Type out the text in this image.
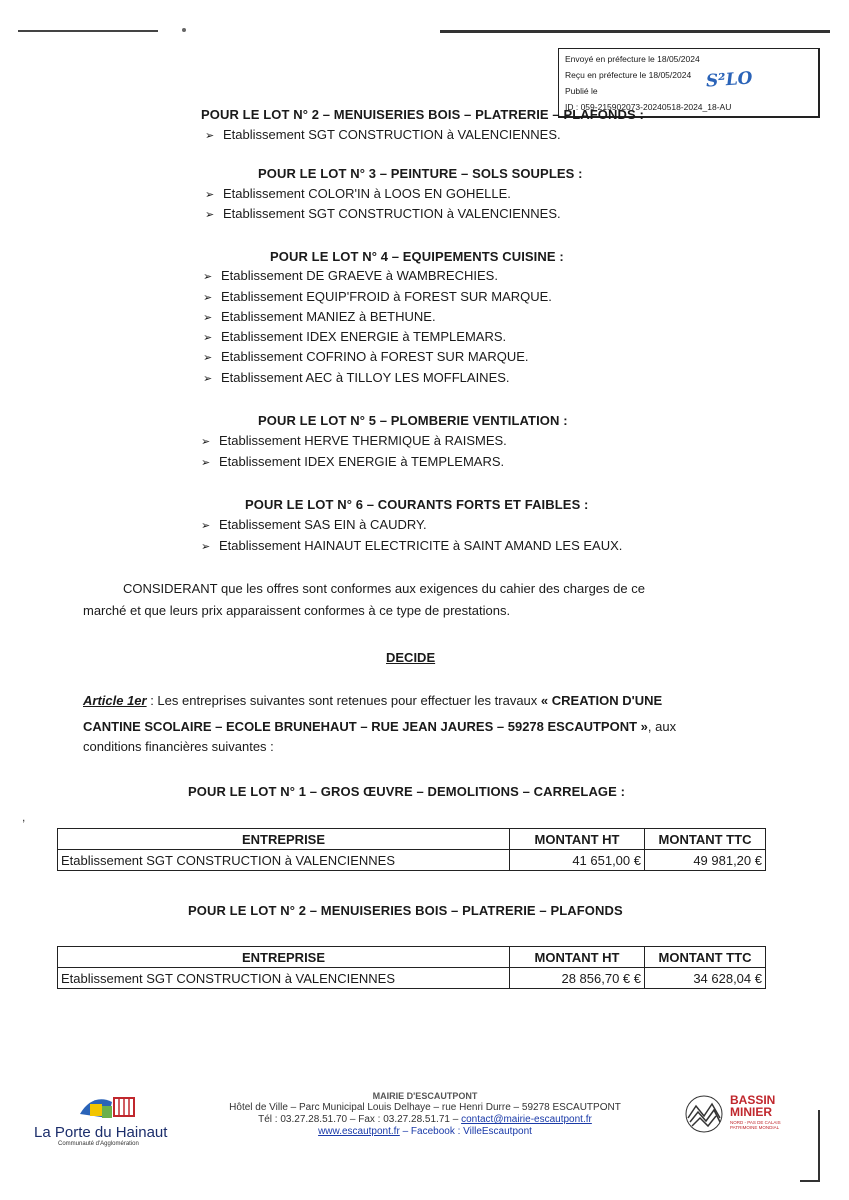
Envoyé en préfecture le 18/05/2024
Reçu en préfecture le 18/05/2024
Publié le
ID : 059-215902073-20240518-2024_18-AU
S²LO
POUR LE LOT N° 2 – MENUISERIES BOIS – PLATRERIE – PLAFONDS :
➢ Etablissement SGT CONSTRUCTION à VALENCIENNES.
POUR LE LOT N° 3 – PEINTURE – SOLS SOUPLES :
➢ Etablissement COLOR'IN à LOOS EN GOHELLE.
➢ Etablissement SGT CONSTRUCTION à VALENCIENNES.
POUR LE LOT N° 4 – EQUIPEMENTS CUISINE :
➢ Etablissement DE GRAEVE à WAMBRECHIES.
➢ Etablissement EQUIP'FROID à FOREST SUR MARQUE.
➢ Etablissement MANIEZ à BETHUNE.
➢ Etablissement IDEX ENERGIE à TEMPLEMARS.
➢ Etablissement COFRINO à FOREST SUR MARQUE.
➢ Etablissement AEC à TILLOY LES MOFFLAINES.
POUR LE LOT N° 5 – PLOMBERIE VENTILATION :
➢ Etablissement HERVE THERMIQUE à RAISMES.
➢ Etablissement IDEX ENERGIE à TEMPLEMARS.
POUR LE LOT N° 6 – COURANTS FORTS ET FAIBLES :
➢ Etablissement SAS EIN à CAUDRY.
➢ Etablissement HAINAUT ELECTRICITE à SAINT AMAND LES EAUX.
CONSIDERANT que les offres sont conformes aux exigences du cahier des charges de ce
marché et que leurs prix apparaissent conformes à ce type de prestations.
DECIDE
Article 1er : Les entreprises suivantes sont retenues pour effectuer les travaux « CREATION D'UNE
CANTINE SCOLAIRE – ECOLE BRUNEHAUT – RUE JEAN JAURES – 59278 ESCAUTPONT », aux
conditions financières suivantes :
POUR LE LOT N° 1 – GROS ŒUVRE – DEMOLITIONS – CARRELAGE :
,
ENTREPRISE	MONTANT HT	MONTANT TTC
Etablissement SGT CONSTRUCTION à VALENCIENNES	41 651,00 €	49 981,20 €
POUR LE LOT N° 2 – MENUISERIES BOIS – PLATRERIE – PLAFONDS
ENTREPRISE	MONTANT HT	MONTANT TTC
Etablissement SGT CONSTRUCTION à VALENCIENNES	28 856,70 € €	34 628,04 €
La Porte du Hainaut
Communauté d'Agglomération
MAIRIE D'ESCAUTPONT
Hôtel de Ville – Parc Municipal Louis Delhaye – rue Henri Durre – 59278 ESCAUTPONT
Tél : 03.27.28.51.70 – Fax : 03.27.28.51.71 – contact@mairie-escautpont.fr
www.escautpont.fr – Facebook : VilleEscautpont
BASSIN MINIER
NORD - PAS DE CALAIS PATRIMOINE MONDIAL
